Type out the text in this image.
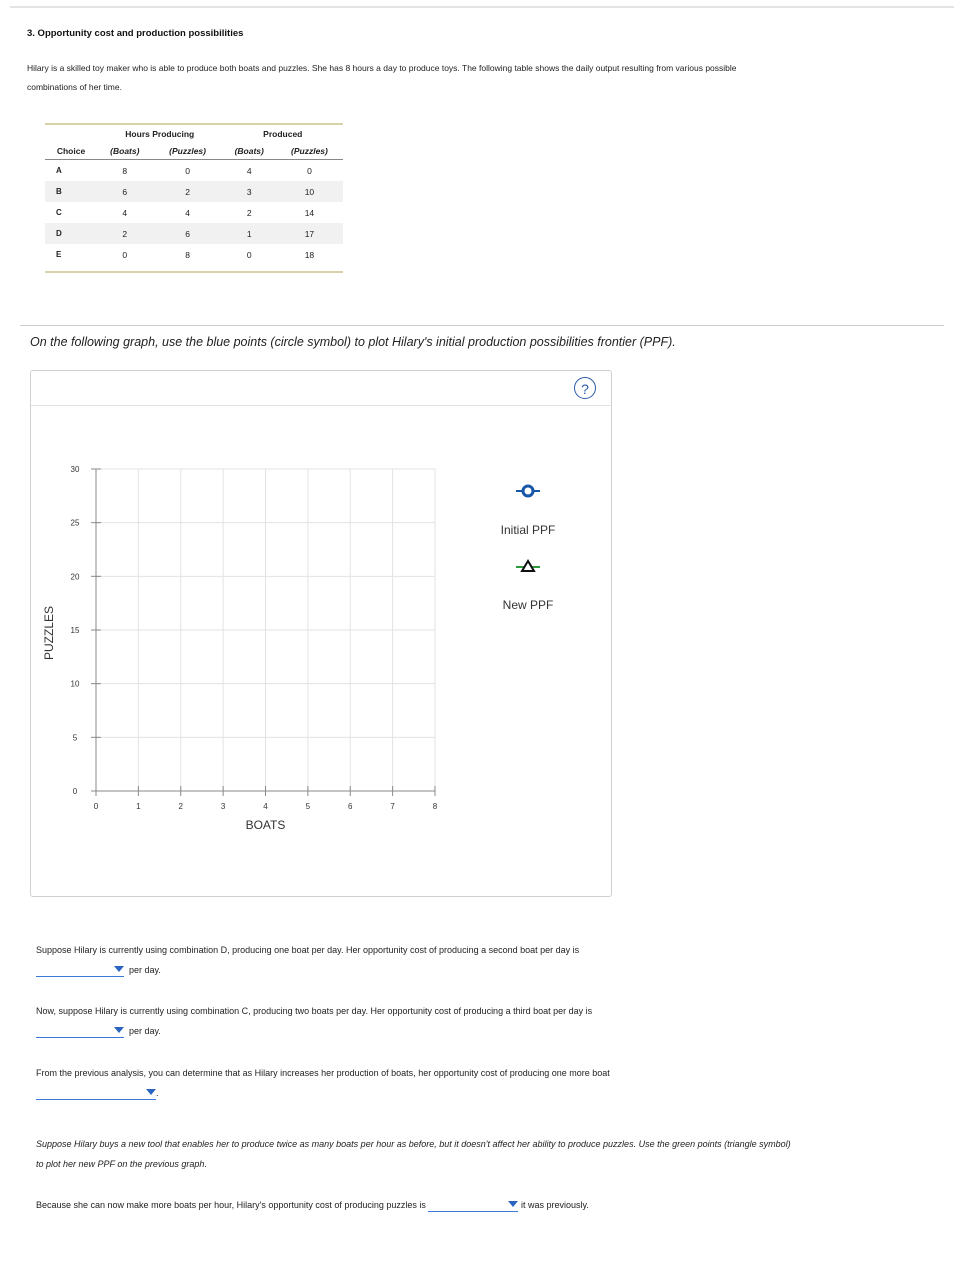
3. Opportunity cost and production possibilities

Hilary is a skilled toy maker who is able to produce both boats and puzzles. She has 8 hours a day to produce toys. The following table shows the daily output resulting from various possible combinations of her time.

	Hours Producing		Produced	
Choice	(Boats)	(Puzzles)	(Boats)	(Puzzles)
A	8	0	4	0
B	6	2	3	10
C	4	4	2	14
D	2	6	1	17
E	0	8	0	18

On the following graph, use the blue points (circle symbol) to plot Hilary's initial production possibilities frontier (PPF).

?
0	1	2	3	4	5	6	7	8
0
5
10
15
20
25
30
BOATS
PUZZLES
Initial PPF
New PPF

Suppose Hilary is currently using combination D, producing one boat per day. Her opportunity cost of producing a second boat per day is

per day.

Now, suppose Hilary is currently using combination C, producing two boats per day. Her opportunity cost of producing a third boat per day is

per day.

From the previous analysis, you can determine that as Hilary increases her production of boats, her opportunity cost of producing one more boat

.

Suppose Hilary buys a new tool that enables her to produce twice as many boats per hour as before, but it doesn't affect her ability to produce puzzles. Use the green points (triangle symbol) to plot her new PPF on the previous graph.

Because she can now make more boats per hour, Hilary's opportunity cost of producing puzzles is	it was previously.
